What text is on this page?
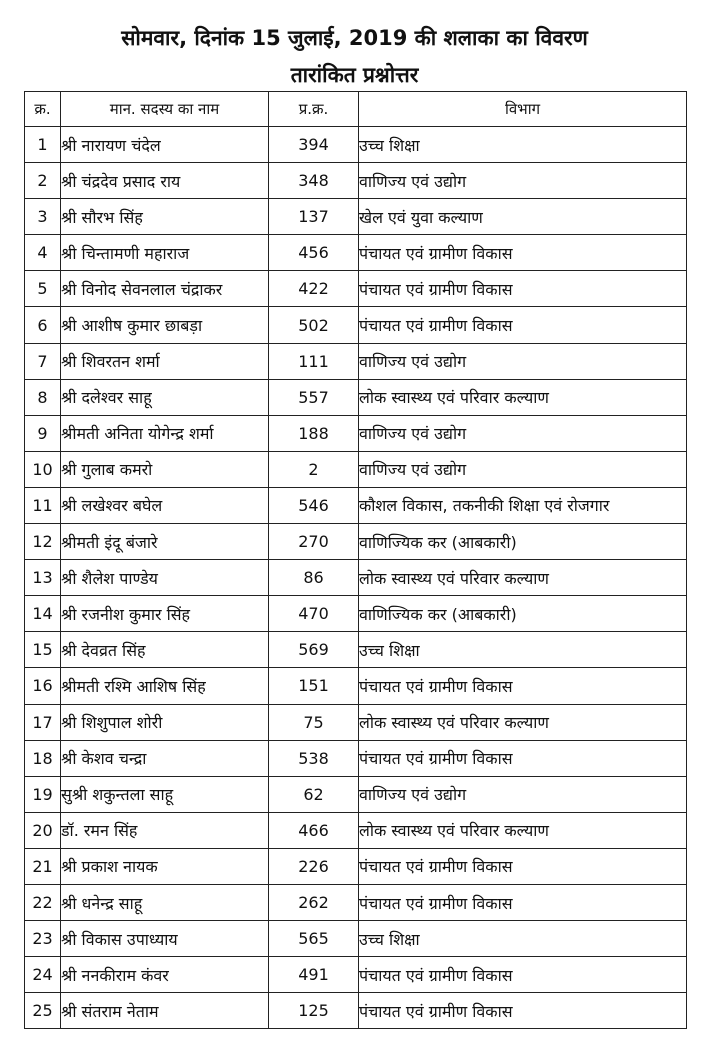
सोमवार, दिनांक 15 जुलाई, 2019 की शलाका का विवरण
तारांकित प्रश्नोत्तर
क्र.	मान. सदस्य का नाम	प्र.क्र.	विभाग
1	श्री नारायण चंदेल	394	उच्च शिक्षा
2	श्री चंद्रदेव प्रसाद राय	348	वाणिज्य एवं उद्योग
3	श्री सौरभ सिंह	137	खेल एवं युवा कल्याण
4	श्री चिन्तामणी महाराज	456	पंचायत एवं ग्रामीण विकास
5	श्री विनोद सेवनलाल चंद्राकर	422	पंचायत एवं ग्रामीण विकास
6	श्री आशीष कुमार छाबड़ा	502	पंचायत एवं ग्रामीण विकास
7	श्री शिवरतन शर्मा	111	वाणिज्य एवं उद्योग
8	श्री दलेश्वर साहू	557	लोक स्वास्थ्य एवं परिवार कल्याण
9	श्रीमती अनिता योगेन्द्र शर्मा	188	वाणिज्य एवं उद्योग
10	श्री गुलाब कमरो	2	वाणिज्य एवं उद्योग
11	श्री लखेश्वर बघेल	546	कौशल विकास, तकनीकी शिक्षा एवं रोजगार
12	श्रीमती इंदू बंजारे	270	वाणिज्यिक कर (आबकारी)
13	श्री शैलेश पाण्डेय	86	लोक स्वास्थ्य एवं परिवार कल्याण
14	श्री रजनीश कुमार सिंह	470	वाणिज्यिक कर (आबकारी)
15	श्री देवव्रत सिंह	569	उच्च शिक्षा
16	श्रीमती रश्मि आशिष सिंह	151	पंचायत एवं ग्रामीण विकास
17	श्री शिशुपाल शोरी	75	लोक स्वास्थ्य एवं परिवार कल्याण
18	श्री केशव चन्द्रा	538	पंचायत एवं ग्रामीण विकास
19	सुश्री शकुन्तला साहू	62	वाणिज्य एवं उद्योग
20	डॉ. रमन सिंह	466	लोक स्वास्थ्य एवं परिवार कल्याण
21	श्री प्रकाश नायक	226	पंचायत एवं ग्रामीण विकास
22	श्री धनेन्द्र साहू	262	पंचायत एवं ग्रामीण विकास
23	श्री विकास उपाध्याय	565	उच्च शिक्षा
24	श्री ननकीराम कंवर	491	पंचायत एवं ग्रामीण विकास
25	श्री संतराम नेताम	125	पंचायत एवं ग्रामीण विकास
